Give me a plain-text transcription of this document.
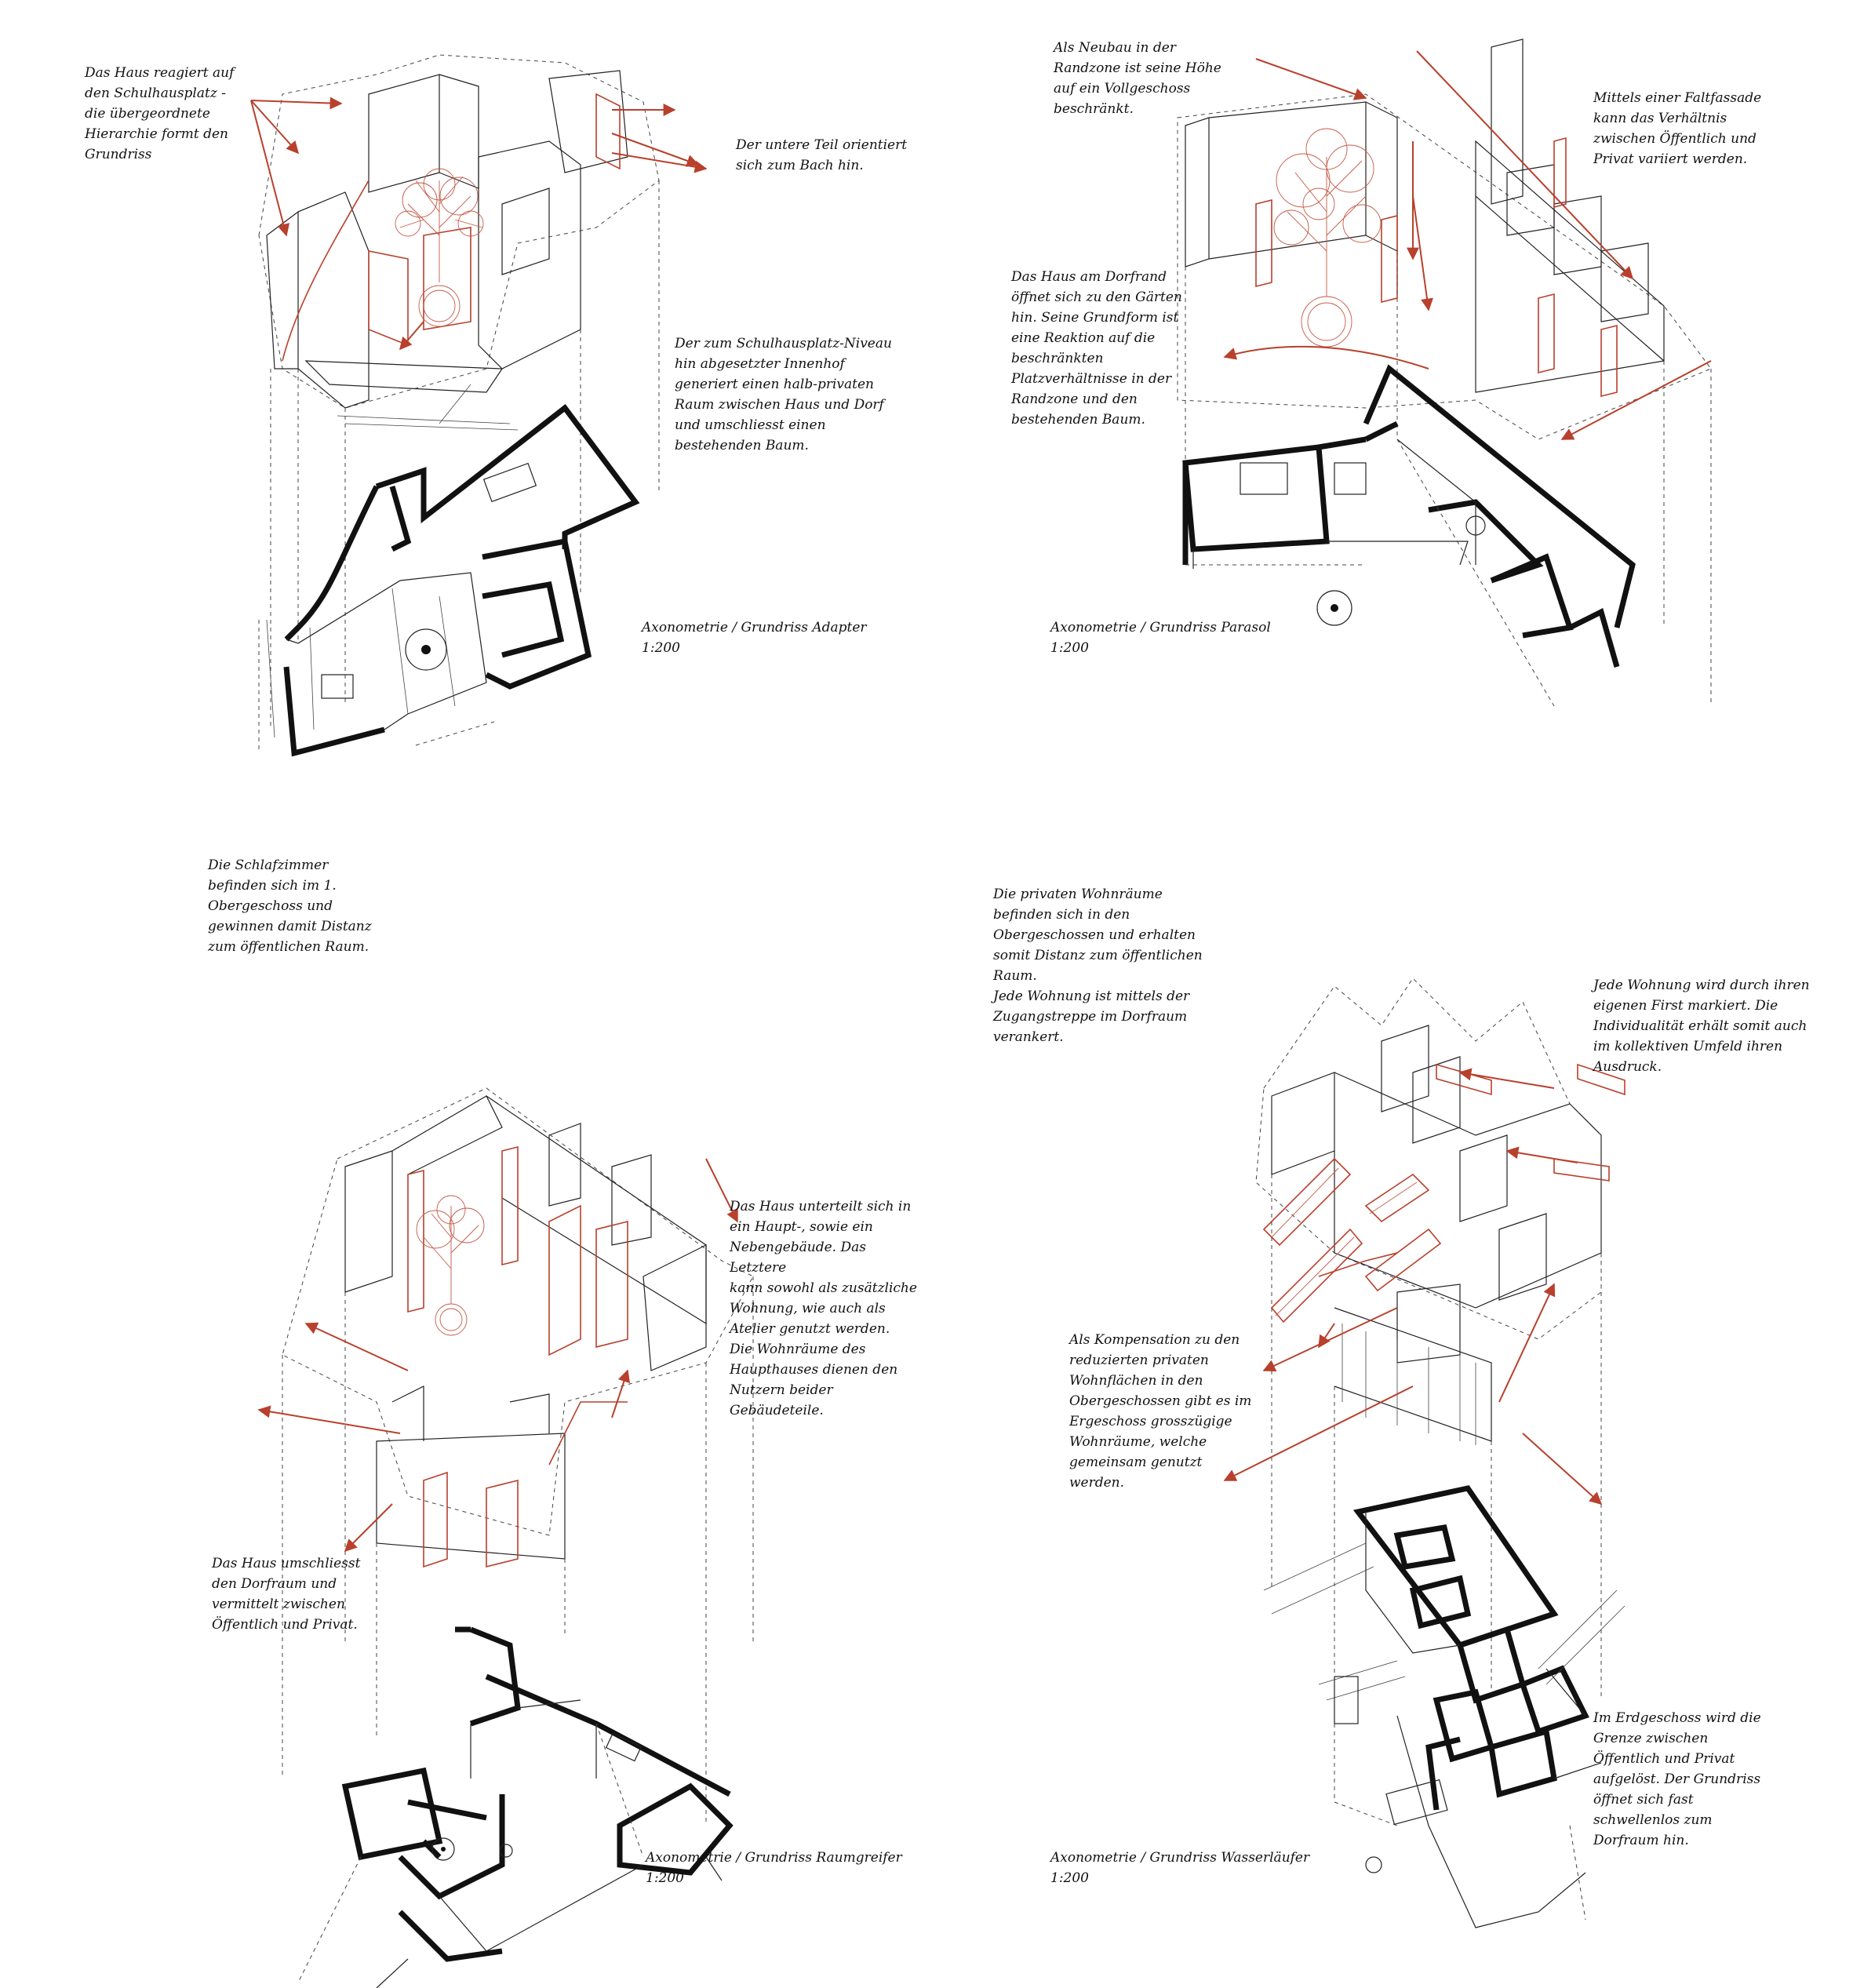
Das Haus reagiert auf
den Schulhausplatz -
die übergeordnete
Hierarchie formt den
Grundriss
Der untere Teil orientiert
sich zum Bach hin.
Der zum Schulhausplatz-Niveau
hin abgesetzter Innenhof
generiert einen halb-privaten
Raum zwischen Haus und Dorf
und umschliesst einen
bestehenden Baum.
Axonometrie / Grundriss Adapter
1:200
Als Neubau in der
Randzone ist seine Höhe
auf ein Vollgeschoss
beschränkt.
Mittels einer Faltfassade
kann das Verhältnis
zwischen Öffentlich und
Privat variiert werden.
Das Haus am Dorfrand
öffnet sich zu den Gärten
hin. Seine Grundform ist
eine Reaktion auf die
beschränkten
Platzverhältnisse in der
Randzone und den
bestehenden Baum.
Axonometrie / Grundriss Parasol
1:200
Die Schlafzimmer
befinden sich im 1.
Obergeschoss und
gewinnen damit Distanz
zum öffentlichen Raum.
Das Haus unterteilt sich in
ein Haupt-, sowie ein
Nebengebäude. Das Letztere
kann sowohl als zusätzliche
Wohnung, wie auch als
Atelier genutzt werden.
Die Wohnräume des
Haupthauses dienen den
Nutzern beider Gebäudeteile.
Das Haus umschliesst
den Dorfraum und
vermittelt zwischen
Öffentlich und Privat.
Axonometrie / Grundriss Raumgreifer
1:200
Die privaten Wohnräume
befinden sich in den
Obergeschossen und erhalten
somit Distanz zum öffentlichen
Raum.
Jede Wohnung ist mittels der
Zugangstreppe im Dorfraum
verankert.
Jede Wohnung wird durch ihren
eigenen First markiert. Die
Individualität erhält somit auch
im kollektiven Umfeld ihren
Ausdruck.
Als Kompensation zu den
reduzierten privaten
Wohnflächen in den
Obergeschossen gibt es im
Ergeschoss grosszügige
Wohnräume, welche
gemeinsam genutzt
werden.
Im Erdgeschoss wird die
Grenze zwischen
Öffentlich und Privat
aufgelöst. Der Grundriss
öffnet sich fast
schwellenlos zum
Dorfraum hin.
Axonometrie / Grundriss Wasserläufer
1:200
